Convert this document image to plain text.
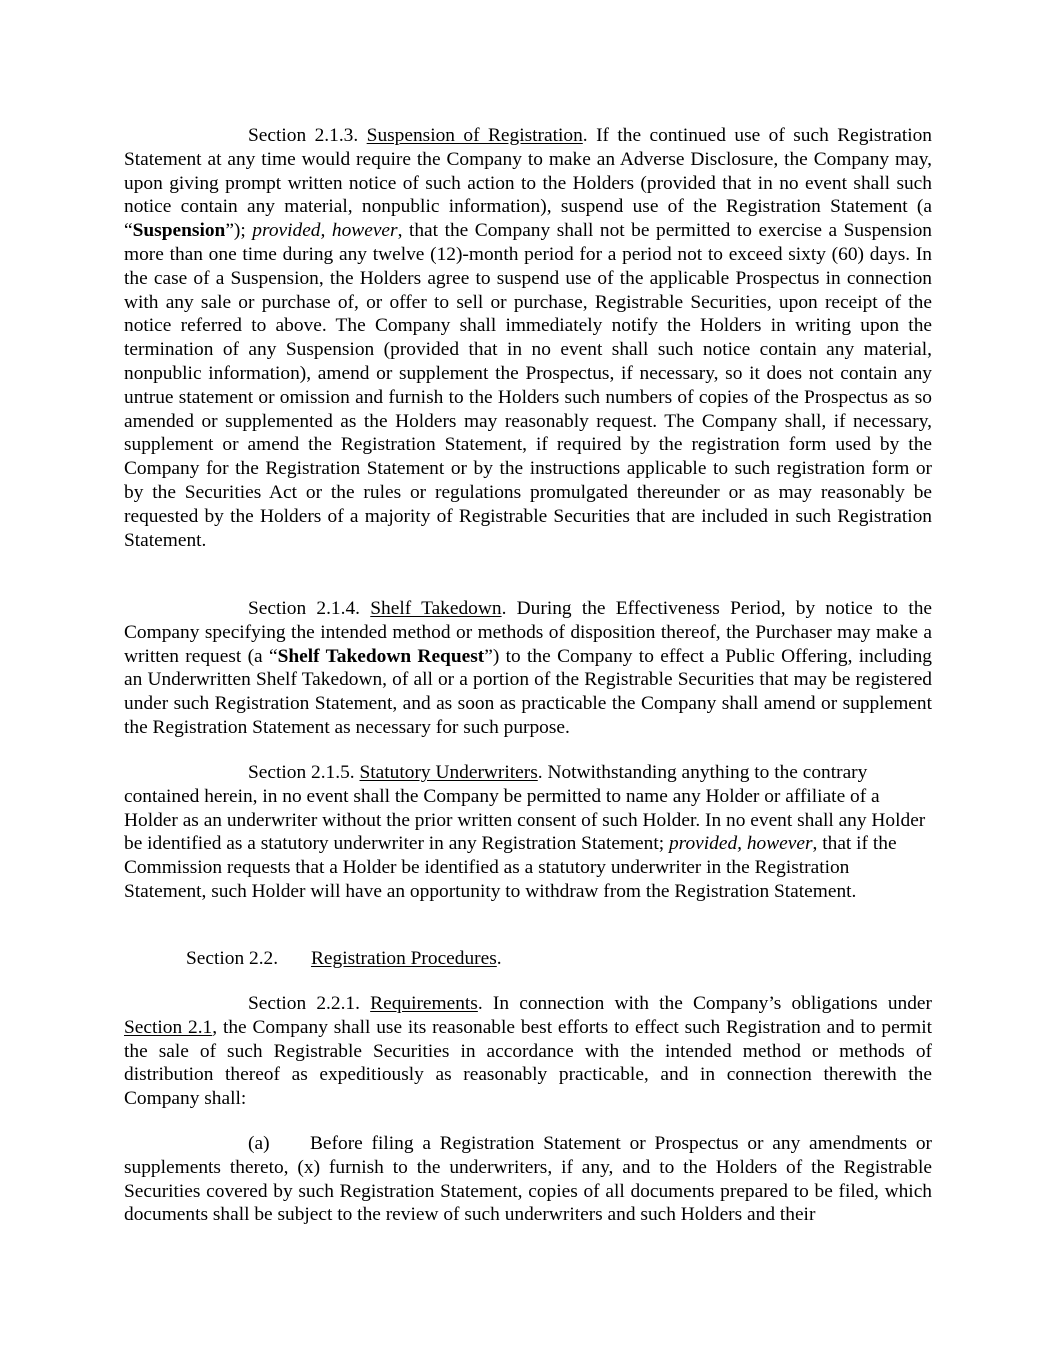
Section 2.1.3. Suspension of Registration. If the continued use of such Registration Statement at any time would require the Company to make an Adverse Disclosure, the Company may, upon giving prompt written notice of such action to the Holders (provided that in no event shall such notice contain any material, nonpublic information), suspend use of the Registration Statement (a “Suspension”); provided, however, that the Company shall not be permitted to exercise a Suspension more than one time during any twelve (12)-month period for a period not to exceed sixty (60) days. In the case of a Suspension, the Holders agree to suspend use of the applicable Prospectus in connection with any sale or purchase of, or offer to sell or purchase, Registrable Securities, upon receipt of the notice referred to above. The Company shall immediately notify the Holders in writing upon the termination of any Suspension (provided that in no event shall such notice contain any material, nonpublic information), amend or supplement the Prospectus, if necessary, so it does not contain any untrue statement or omission and furnish to the Holders such numbers of copies of the Prospectus as so amended or supplemented as the Holders may reasonably request. The Company shall, if necessary, supplement or amend the Registration Statement, if required by the registration form used by the Company for the Registration Statement or by the instructions applicable to such registration form or by the Securities Act or the rules or regulations promulgated thereunder or as may reasonably be requested by the Holders of a majority of Registrable Securities that are included in such Registration Statement.

Section 2.1.4. Shelf Takedown. During the Effectiveness Period, by notice to the Company specifying the intended method or methods of disposition thereof, the Purchaser may make a written request (a “Shelf Takedown Request”) to the Company to effect a Public Offering, including an Underwritten Shelf Takedown, of all or a portion of the Registrable Securities that may be registered under such Registration Statement, and as soon as practicable the Company shall amend or supplement the Registration Statement as necessary for such purpose.

Section 2.1.5. Statutory Underwriters. Notwithstanding anything to the contrary contained herein, in no event shall the Company be permitted to name any Holder or affiliate of a Holder as an underwriter without the prior written consent of such Holder. In no event shall any Holder be identified as a statutory underwriter in any Registration Statement; provided, however, that if the Commission requests that a Holder be identified as a statutory underwriter in the Registration Statement, such Holder will have an opportunity to withdraw from the Registration Statement.

Section 2.2. Registration Procedures.

Section 2.2.1. Requirements. In connection with the Company’s obligations under Section 2.1, the Company shall use its reasonable best efforts to effect such Registration and to permit the sale of such Registrable Securities in accordance with the intended method or methods of distribution thereof as expeditiously as reasonably practicable, and in connection therewith the Company shall:

(a) Before filing a Registration Statement or Prospectus or any amendments or supplements thereto, (x) furnish to the underwriters, if any, and to the Holders of the Registrable Securities covered by such Registration Statement, copies of all documents prepared to be filed, which documents shall be subject to the review of such underwriters and such Holders and their
